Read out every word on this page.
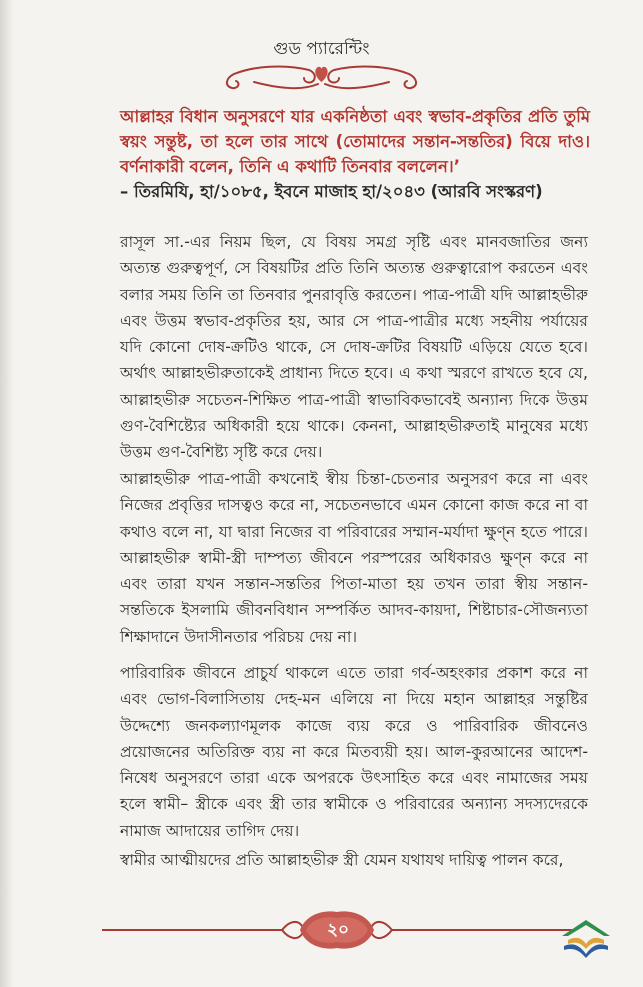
গুড প্যারেন্টিং
আল্লাহর বিধান অনুসরণে যার একনিষ্ঠতা এবং স্বভাব-প্রকৃতির প্রতি তুমি স্বয়ং সন্তুষ্ট, তা হলে তার সাথে (তোমাদের সন্তান-সন্ততির) বিয়ে দাও। বর্ণনাকারী বলেন, তিনি এ কথাটি তিনবার বললেন।’
– তিরমিযি, হা/১০৮৫, ইবনে মাজাহ হা/২০৪৩ (আরবি সংস্করণ)
রাসূল সা.-এর নিয়ম ছিল, যে বিষয় সমগ্র সৃষ্টি এবং মানবজাতির জন্য অত্যন্ত গুরুত্বপূর্ণ, সে বিষয়টির প্রতি তিনি অত্যন্ত গুরুত্বারোপ করতেন এবং বলার সময় তিনি তা তিনবার পুনরাবৃত্তি করতেন। পাত্র-পাত্রী যদি আল্লাহভীরু এবং উত্তম স্বভাব-প্রকৃতির হয়, আর সে পাত্র-পাত্রীর মধ্যে সহনীয় পর্যায়ের যদি কোনো দোষ-ক্রটিও থাকে, সে দোষ-ক্রটির বিষয়টি এড়িয়ে যেতে হবে। অর্থাৎ আল্লাহভীরুতাকেই প্রাধান্য দিতে হবে। এ কথা স্মরণে রাখতে হবে যে, আল্লাহভীরু সচেতন-শিক্ষিত পাত্র-পাত্রী স্বাভাবিকভাবেই অন্যান্য দিকে উত্তম গুণ-বৈশিষ্ট্যের অধিকারী হয়ে থাকে। কেননা, আল্লাহভীরুতাই মানুষের মধ্যে উত্তম গুণ-বৈশিষ্ট্য সৃষ্টি করে দেয়।
আল্লাহভীরু পাত্র-পাত্রী কখনোই স্বীয় চিন্তা-চেতনার অনুসরণ করে না এবং নিজের প্রবৃত্তির দাসত্বও করে না, সচেতনভাবে এমন কোনো কাজ করে না বা কথাও বলে না, যা দ্বারা নিজের বা পরিবারের সম্মান-মর্যাদা ক্ষুণ্ন হতে পারে। আল্লাহভীরু স্বামী-স্ত্রী দাম্পত্য জীবনে পরস্পরের অধিকারও ক্ষুণ্ন করে না এবং তারা যখন সন্তান-সন্ততির পিতা-মাতা হয় তখন তারা স্বীয় সন্তান-সন্ততিকে ইসলামি জীবনবিধান সম্পর্কিত আদব-কায়দা, শিষ্টাচার-সৌজন্যতা শিক্ষাদানে উদাসীনতার পরিচয় দেয় না।
পারিবারিক জীবনে প্রাচুর্য থাকলে এতে তারা গর্ব-অহংকার প্রকাশ করে না এবং ভোগ-বিলাসিতায় দেহ-মন এলিয়ে না দিয়ে মহান আল্লাহর সন্তুষ্টির উদ্দেশ্যে জনকল্যাণমূলক কাজে ব্যয় করে ও পারিবারিক জীবনেও প্রয়োজনের অতিরিক্ত ব্যয় না করে মিতব্যয়ী হয়। আল-কুরআনের আদেশ-নিষেধ অনুসরণে তারা একে অপরকে উৎসাহিত করে এবং নামাজের সময় হলে স্বামী– স্ত্রীকে এবং স্ত্রী তার স্বামীকে ও পরিবারের অন্যান্য সদস্যদেরকে নামাজ আদায়ের তাগিদ দেয়।
স্বামীর আত্মীয়দের প্রতি আল্লাহভীরু স্ত্রী যেমন যথাযথ দায়িত্ব পালন করে,
২০
